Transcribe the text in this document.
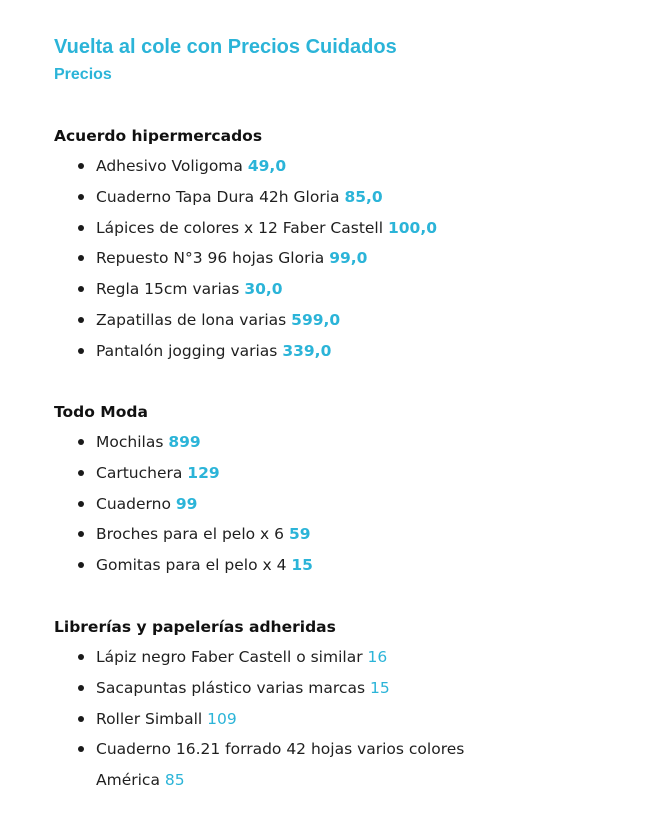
Vuelta al cole con Precios Cuidados
Precios
Acuerdo hipermercados
Adhesivo Voligoma 49,0
Cuaderno Tapa Dura 42h Gloria 85,0
Lápices de colores x 12 Faber Castell 100,0
Repuesto N°3 96 hojas Gloria 99,0
Regla 15cm varias 30,0
Zapatillas de lona varias 599,0
Pantalón jogging varias 339,0
Todo Moda
Mochilas 899
Cartuchera 129
Cuaderno 99
Broches para el pelo x 6 59
Gomitas para el pelo x 4 15
Librerías y papelerías adheridas
Lápiz negro Faber Castell o similar 16
Sacapuntas plástico varias marcas 15
Roller Simball 109
Cuaderno 16.21 forrado 42 hojas varios colores
América 85
